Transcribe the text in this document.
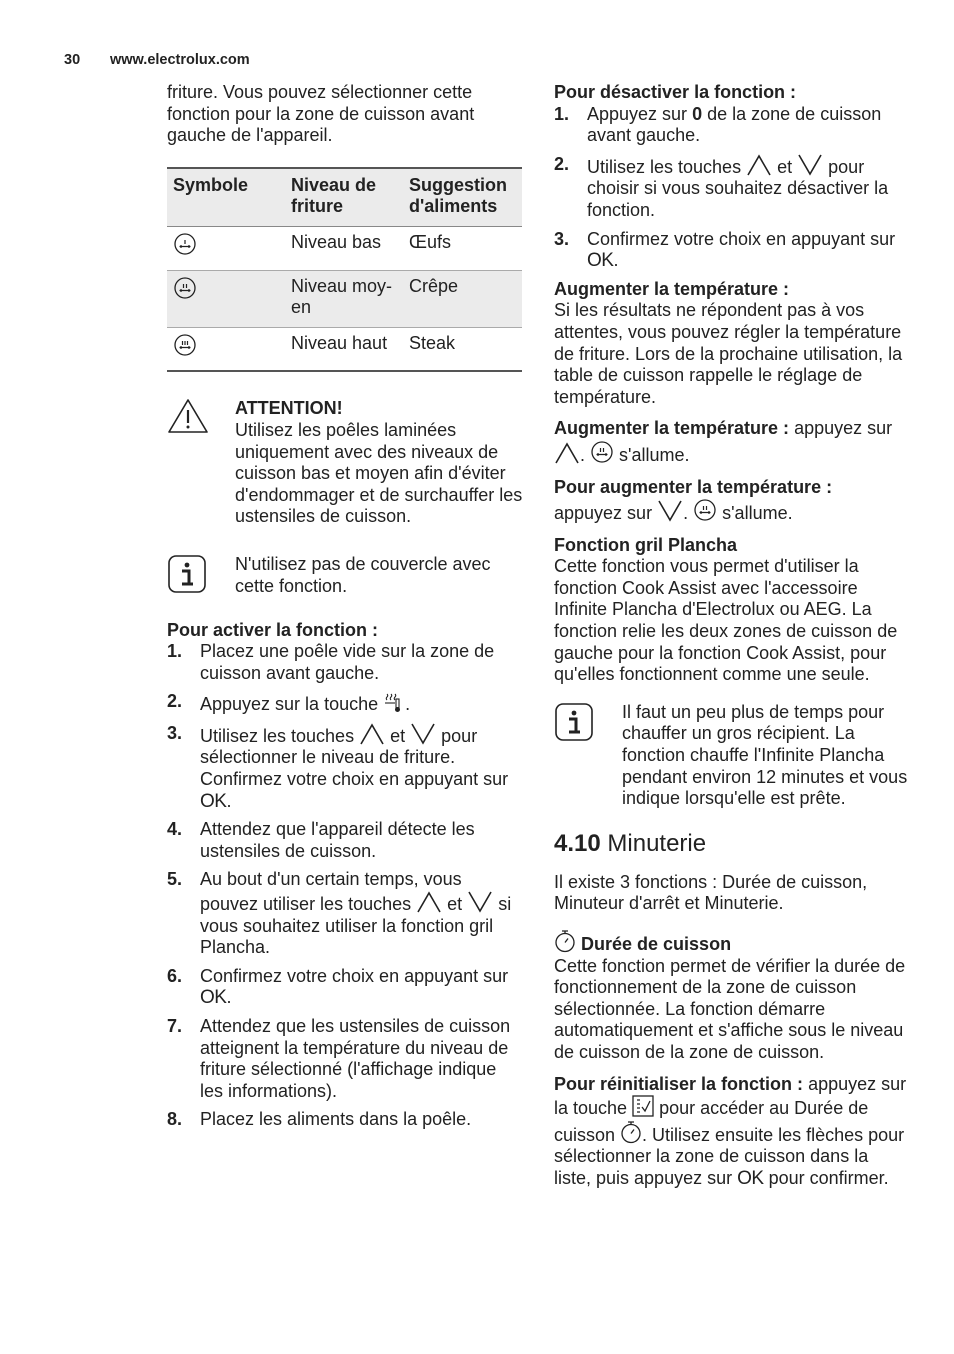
30 www.electrolux.com

friture. Vous pouvez sélectionner cette fonction pour la zone de cuisson avant gauche de l'appareil.

Symbole	Niveau de friture	Suggestion d'aliments
	Niveau bas	Œufs
	Niveau moy-en	Crêpe
	Niveau haut	Steak

ATTENTION!

Utilisez les poêles laminées uniquement avec des niveaux de cuisson bas et moyen afin d'éviter d'endommager et de surchauffer les ustensiles de cuisson.

N'utilisez pas de couvercle avec cette fonction.

Pour activer la fonction :

1. Placez une poêle vide sur la zone de cuisson avant gauche.
2. Appuyez sur la touche .
3. Utilisez les touches et pour sélectionner le niveau de friture. Confirmez votre choix en appuyant sur OK.
4. Attendez que l'appareil détecte les ustensiles de cuisson.
5. Au bout d'un certain temps, vous pouvez utiliser les touches et si vous souhaitez utiliser la fonction gril Plancha.
6. Confirmez votre choix en appuyant sur OK.
7. Attendez que les ustensiles de cuisson atteignent la température du niveau de friture sélectionné (l'affichage indique les informations).
8. Placez les aliments dans la poêle.

Pour désactiver la fonction :

1. Appuyez sur 0 de la zone de cuisson avant gauche.
2. Utilisez les touches et pour choisir si vous souhaitez désactiver la fonction.
3. Confirmez votre choix en appuyant sur OK.

Augmenter la température :

Si les résultats ne répondent pas à vos attentes, vous pouvez régler la température de friture. Lors de la prochaine utilisation, la table de cuisson rappelle le réglage de température.

Augmenter la température : appuyez sur . s'allume.

Pour augmenter la température :

appuyez sur . s'allume.

Fonction gril Plancha

Cette fonction vous permet d'utiliser la fonction Cook Assist avec l'accessoire Infinite Plancha d'Electrolux ou AEG. La fonction relie les deux zones de cuisson de gauche pour la fonction Cook Assist, pour qu'elles fonctionnent comme une seule.

Il faut un peu plus de temps pour chauffer un gros récipient. La fonction chauffe l'Infinite Plancha pendant environ 12 minutes et vous indique lorsqu'elle est prête.

4.10 Minuterie

Il existe 3 fonctions : Durée de cuisson, Minuteur d'arrêt et Minuterie.

Durée de cuisson

Cette fonction permet de vérifier la durée de fonctionnement de la zone de cuisson sélectionnée. La fonction démarre automatiquement et s'affiche sous le niveau de cuisson de la zone de cuisson.

Pour réinitialiser la fonction : appuyez sur la touche pour accéder au Durée de cuisson . Utilisez ensuite les flèches pour sélectionner la zone de cuisson dans la liste, puis appuyez sur OK pour confirmer.
